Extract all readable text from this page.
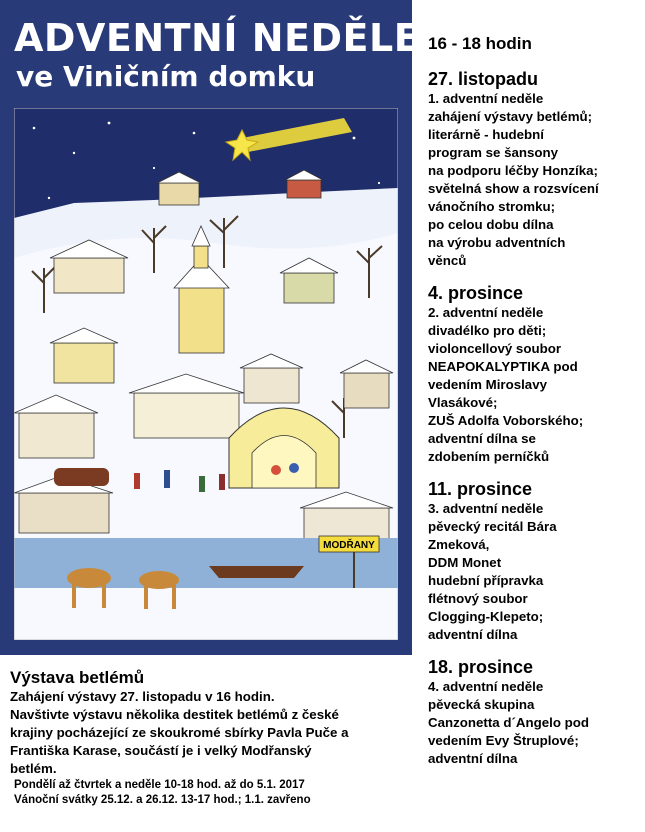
ADVENTNÍ NEDĚLE
ve Viničním domku
MODŘANY

16 - 18 hodin

27. listopadu

1. adventní neděle
zahájení výstavy betlémů;
literárně - hudební
program se šansony
na podporu léčby Honzíka;
světelná show a rozsvícení
vánočního stromku;
po celou dobu dílna
na výrobu adventních
věnců

4. prosince

2. adventní neděle
divadélko pro děti;
violoncellový soubor
NEAPOKALYPTIKA pod
vedením Miroslavy
Vlasákové;
ZUŠ Adolfa Voborského;
adventní dílna se
zdobením perníčků

11. prosince

3. adventní neděle
pěvecký recitál Bára
Zmeková,
DDM Monet
hudební přípravka
flétnový soubor
Clogging-Klepeto;
adventní dílna

18. prosince

4. adventní neděle
pěvecká skupina
Canzonetta d´Angelo pod
vedením Evy Štruplové;
adventní dílna

Výstava betlémů

Zahájení výstavy 27. listopadu v 16 hodin.
Navštivte výstavu několika destitek betlémů z české
krajiny pocházející ze skoukromé sbírky Pavla Puče a
Františka Karase, součástí je i velký Modřanský
betlém.

Pondělí až čtvrtek a neděle 10-18 hod. až do 5.1. 2017
Vánoční svátky 25.12. a 26.12. 13-17 hod.; 1.1. zavřeno
